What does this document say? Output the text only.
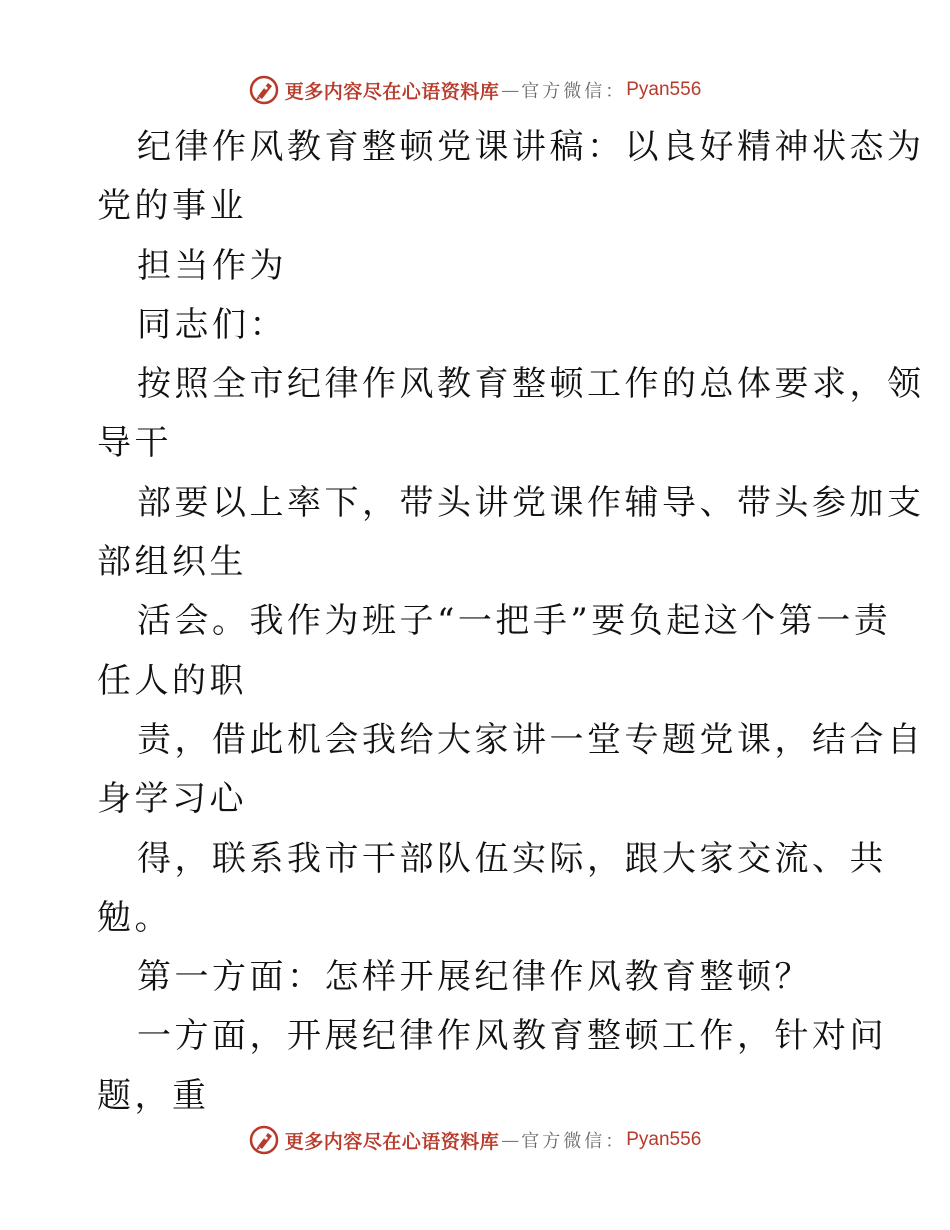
更多内容尽在心语资料库 — 官方微信： Pyan556
纪律作风教育整顿党课讲稿：以良好精神状态为
党的事业
担当作为
同志们：
按照全市纪律作风教育整顿工作的总体要求，领
导干
部要以上率下，带头讲党课作辅导、带头参加支
部组织生
活会。我作为班子“一把手”要负起这个第一责
任人的职
责，借此机会我给大家讲一堂专题党课，结合自
身学习心
得，联系我市干部队伍实际，跟大家交流、共
勉。
第一方面：怎样开展纪律作风教育整顿？
一方面，开展纪律作风教育整顿工作，针对问
题，重
更多内容尽在心语资料库 — 官方微信： Pyan556
